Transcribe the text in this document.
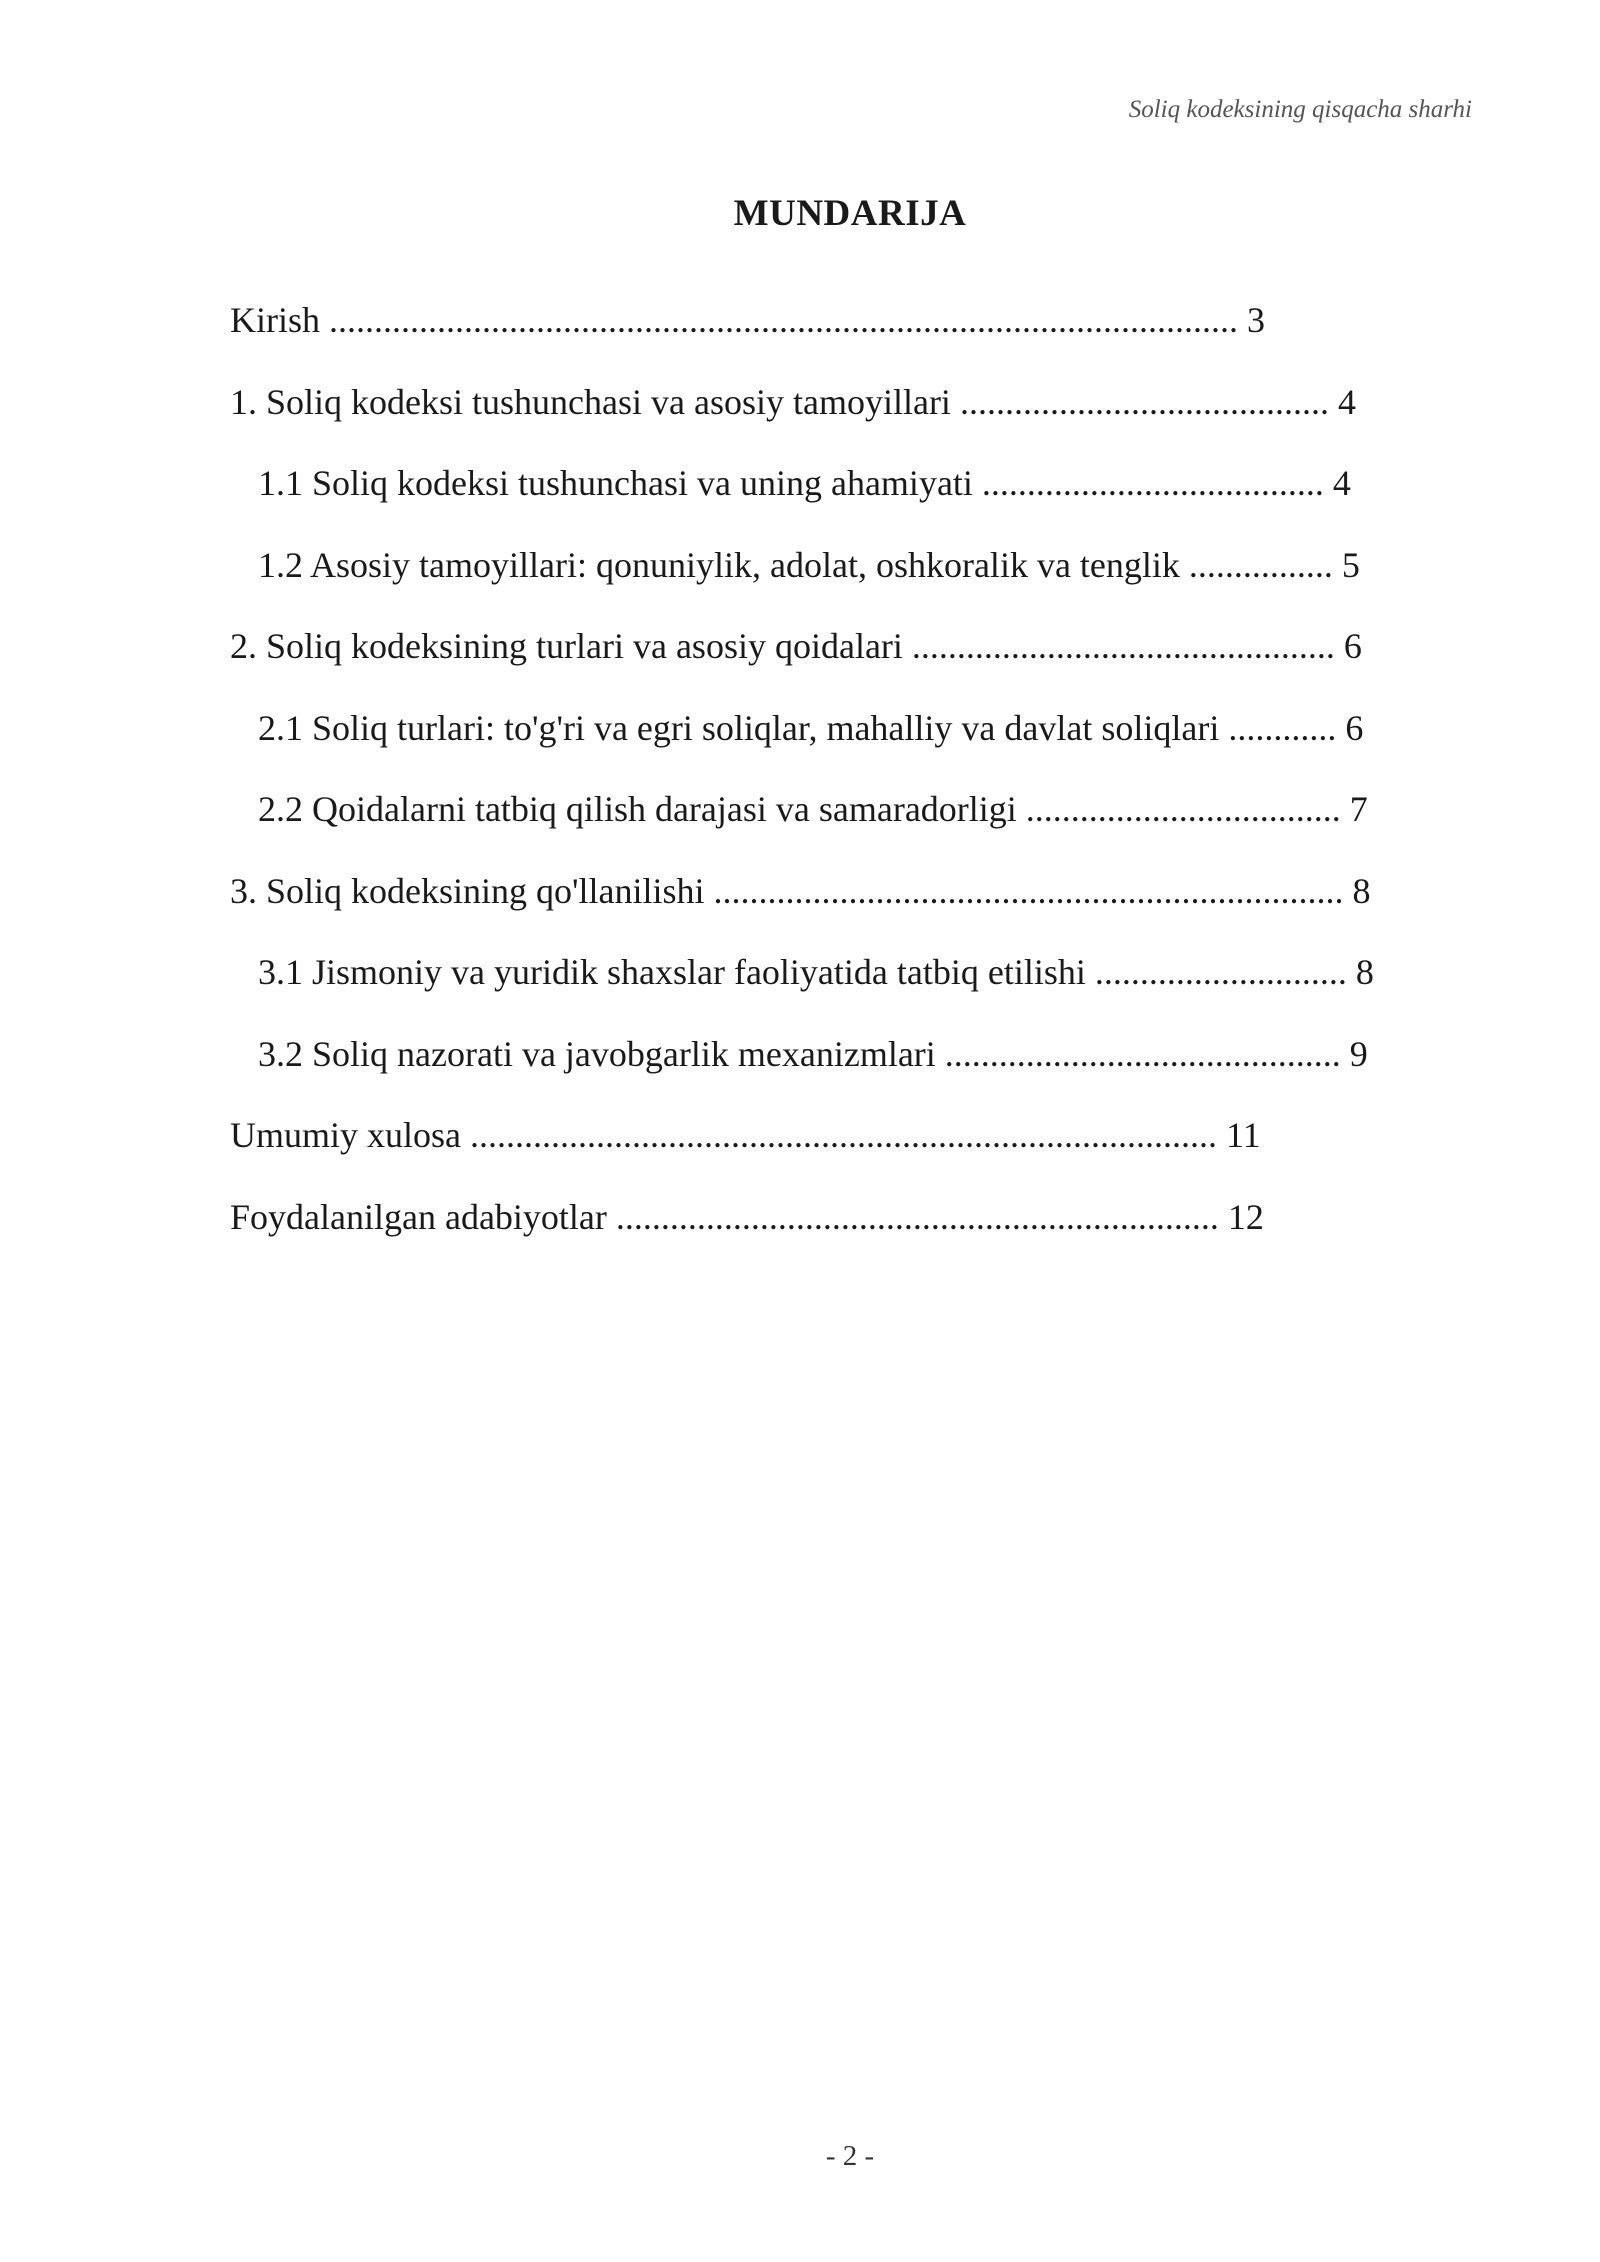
Soliq kodeksining qisqacha sharhi
MUNDARIJA
Kirish ..................................................................................................... 3
1. Soliq kodeksi tushunchasi va asosiy tamoyillari ......................................... 4
1.1 Soliq kodeksi tushunchasi va uning ahamiyati ...................................... 4
1.2 Asosiy tamoyillari: qonuniylik, adolat, oshkoralik va tenglik ................ 5
2. Soliq kodeksining turlari va asosiy qoidalari ............................................... 6
2.1 Soliq turlari: to'g'ri va egri soliqlar, mahalliy va davlat soliqlari ............ 6
2.2 Qoidalarni tatbiq qilish darajasi va samaradorligi ................................... 7
3. Soliq kodeksining qo'llanilishi ...................................................................... 8
3.1 Jismoniy va yuridik shaxslar faoliyatida tatbiq etilishi ............................ 8
3.2 Soliq nazorati va javobgarlik mexanizmlari ............................................ 9
Umumiy xulosa ................................................................................... 11
Foydalanilgan adabiyotlar ................................................................... 12
- 2 -
